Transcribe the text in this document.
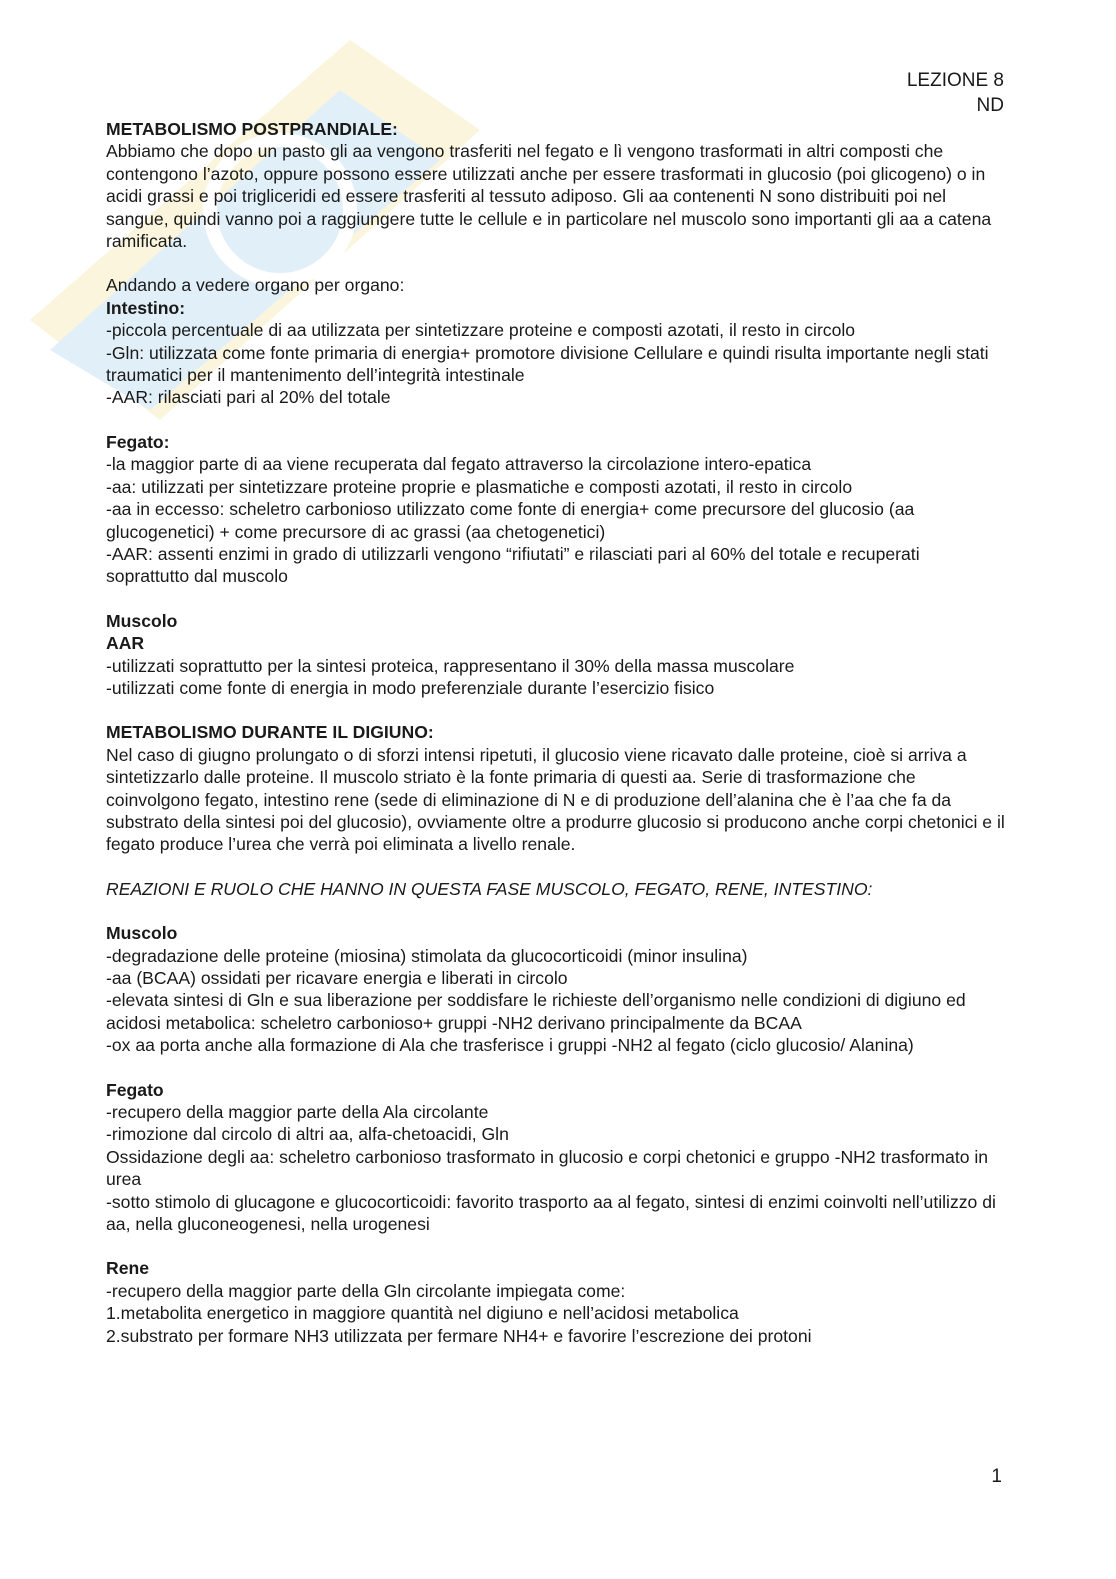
LEZIONE 8
ND

METABOLISMO POSTPRANDIALE:

Abbiamo che dopo un pasto gli aa vengono trasferiti nel fegato e lì vengono trasformati in altri composti che contengono l’azoto, oppure possono essere utilizzati anche per essere trasformati in glucosio (poi glicogeno) o in acidi grassi e poi trigliceridi ed essere trasferiti al tessuto adiposo. Gli aa contenenti N sono distribuiti poi nel sangue, quindi vanno poi a raggiungere tutte le cellule e in particolare nel muscolo sono importanti gli aa a catena ramificata.

Andando a vedere organo per organo:

Intestino:

-piccola percentuale di aa utilizzata per sintetizzare proteine e composti azotati, il resto in circolo

-Gln: utilizzata come fonte primaria di energia+ promotore divisione Cellulare e quindi risulta importante negli stati traumatici per il mantenimento dell’integrità intestinale

-AAR: rilasciati pari al 20% del totale

Fegato:

-la maggior parte di aa viene recuperata dal fegato attraverso la circolazione intero-epatica

-aa: utilizzati per sintetizzare proteine proprie e plasmatiche e composti azotati, il resto in circolo

-aa in eccesso: scheletro carbonioso utilizzato come fonte di energia+ come precursore del glucosio (aa glucogenetici) + come precursore di ac grassi (aa chetogenetici)

-AAR: assenti enzimi in grado di utilizzarli vengono “rifiutati” e rilasciati pari al 60% del totale e recuperati soprattutto dal muscolo

Muscolo

AAR

-utilizzati soprattutto per la sintesi proteica, rappresentano il 30% della massa muscolare

-utilizzati come fonte di energia in modo preferenziale durante l’esercizio fisico

METABOLISMO DURANTE IL DIGIUNO:

Nel caso di giugno prolungato o di sforzi intensi ripetuti, il glucosio viene ricavato dalle proteine, cioè si arriva a sintetizzarlo dalle proteine. Il muscolo striato è la fonte primaria di questi aa. Serie di trasformazione che coinvolgono fegato, intestino rene (sede di eliminazione di N e di produzione dell’alanina che è l’aa che fa da substrato della sintesi poi del glucosio), ovviamente oltre a produrre glucosio si producono anche corpi chetonici e il fegato produce l’urea che verrà poi eliminata a livello renale.

REAZIONI E RUOLO CHE HANNO IN QUESTA FASE MUSCOLO, FEGATO, RENE, INTESTINO:

Muscolo

-degradazione delle proteine (miosina) stimolata da glucocorticoidi (minor insulina)

-aa (BCAA) ossidati per ricavare energia e liberati in circolo

-elevata sintesi di Gln e sua liberazione per soddisfare le richieste dell’organismo nelle condizioni di digiuno ed acidosi metabolica: scheletro carbonioso+ gruppi -NH2 derivano principalmente da BCAA

-ox aa porta anche alla formazione di Ala che trasferisce i gruppi -NH2 al fegato (ciclo glucosio/ Alanina)

Fegato

-recupero della maggior parte della Ala circolante

-rimozione dal circolo di altri aa, alfa-chetoacidi, Gln

Ossidazione degli aa: scheletro carbonioso trasformato in glucosio e corpi chetonici e gruppo -NH2 trasformato in urea

-sotto stimolo di glucagone e glucocorticoidi: favorito trasporto aa al fegato, sintesi di enzimi coinvolti nell’utilizzo di aa, nella gluconeogenesi, nella urogenesi

Rene

-recupero della maggior parte della Gln circolante impiegata come:

1.metabolita energetico in maggiore quantità nel digiuno e nell’acidosi metabolica

2.substrato per formare NH3 utilizzata per fermare NH4+ e favorire l’escrezione dei protoni

1
